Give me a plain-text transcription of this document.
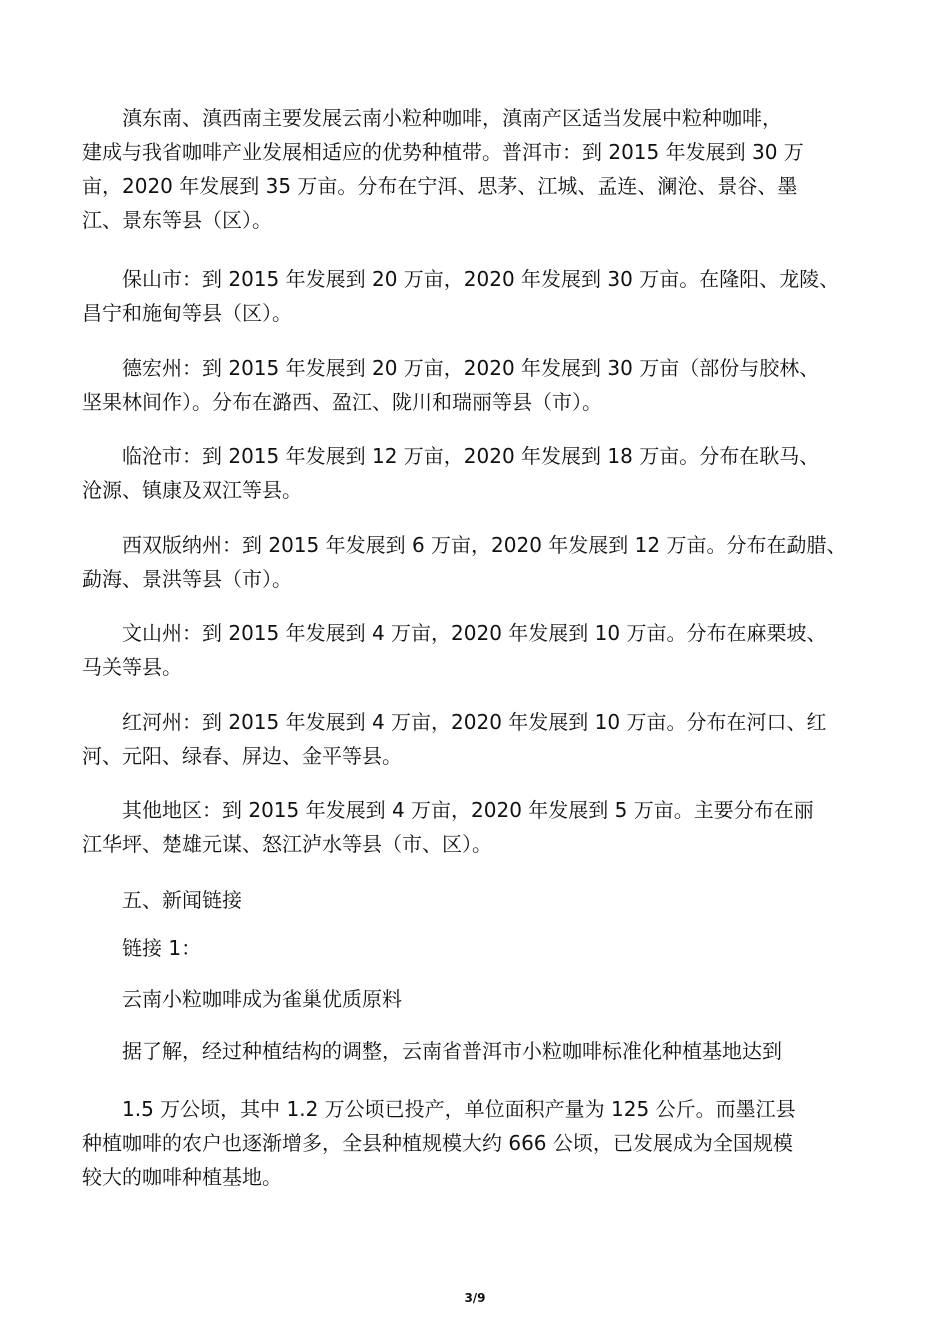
滇东南、滇西南主要发展云南小粒种咖啡，滇南产区适当发展中粒种咖啡，
建成与我省咖啡产业发展相适应的优势种植带。普洱市：到 2015 年发展到 30 万
亩，2020 年发展到 35 万亩。分布在宁洱、思茅、江城、孟连、澜沧、景谷、墨
江、景东等县（区）。

保山市：到 2015 年发展到 20 万亩，2020 年发展到 30 万亩。在隆阳、龙陵、
昌宁和施甸等县（区）。

德宏州：到 2015 年发展到 20 万亩，2020 年发展到 30 万亩（部份与胶林、
坚果林间作）。分布在潞西、盈江、陇川和瑞丽等县（市）。

临沧市：到 2015 年发展到 12 万亩，2020 年发展到 18 万亩。分布在耿马、
沧源、镇康及双江等县。

西双版纳州：到 2015 年发展到 6 万亩，2020 年发展到 12 万亩。分布在勐腊、
勐海、景洪等县（市）。

文山州：到 2015 年发展到 4 万亩，2020 年发展到 10 万亩。分布在麻栗坡、
马关等县。

红河州：到 2015 年发展到 4 万亩，2020 年发展到 10 万亩。分布在河口、红
河、元阳、绿春、屏边、金平等县。

其他地区：到 2015 年发展到 4 万亩，2020 年发展到 5 万亩。主要分布在丽
江华坪、楚雄元谋、怒江泸水等县（市、区）。

五、新闻链接

链接 1：

云南小粒咖啡成为雀巢优质原料

据了解，经过种植结构的调整，云南省普洱市小粒咖啡标准化种植基地达到

1.5 万公顷，其中 1.2 万公顷已投产，单位面积产量为 125 公斤。而墨江县
种植咖啡的农户也逐渐增多，全县种植规模大约 666 公顷，已发展成为全国规模
较大的咖啡种植基地。

3/9
